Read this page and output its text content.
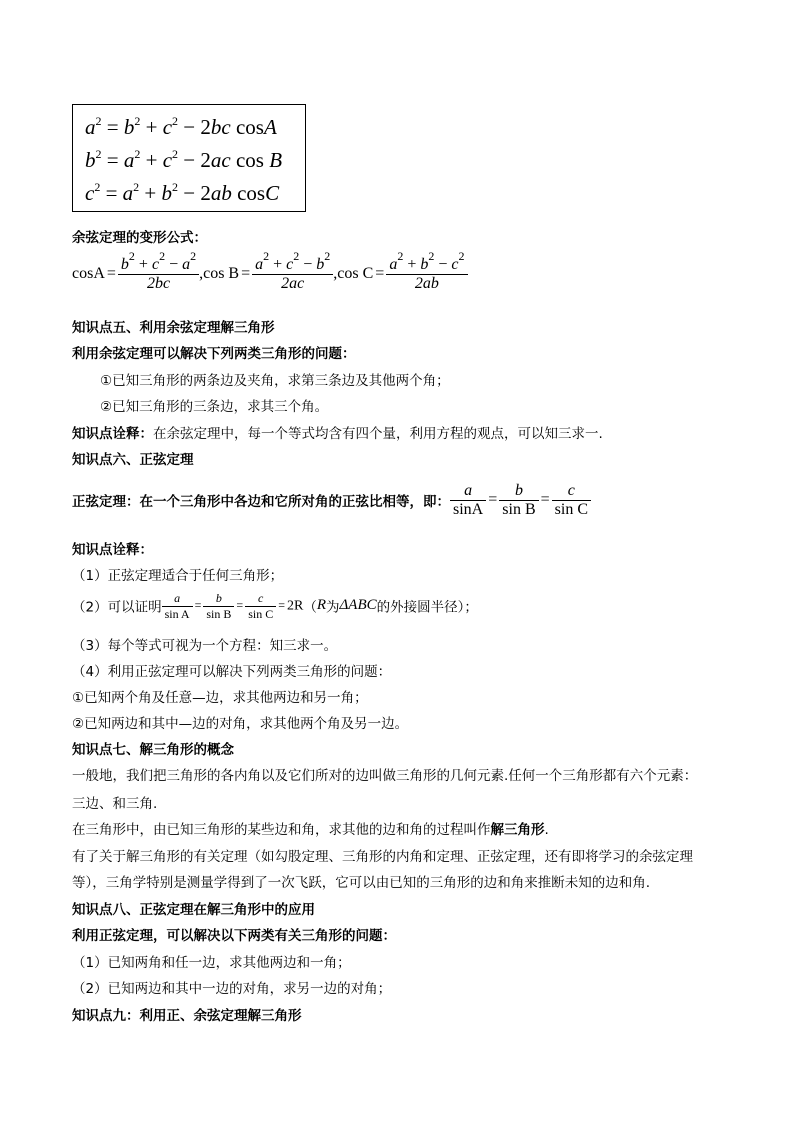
$a^2 = b^2 + c^2 - 2bc$ cosA
$b^2 = a^2 + c^2 - 2ac$ cos B
$c^2 = a^2 + b^2 - 2ab$ cosC
余弦定理的变形公式：
$\cos A = \frac{b^2 + c^2 - a^2}{2bc} ,\cos$ $B = \frac{a^2 + c^2 - b^2}{2ac} ,\cos$ $C = \frac{a^2 + b^2 - c^2}{2ab}$
知识点五、利用余弦定理解三角形
利用余弦定理可以解决下列两类三角形的问题：
①已知三角形的两条边及夹角，求第三条边及其他两个角；
②已知三角形的三条边，求其三个角。
知识点诠释：在余弦定理中，每一个等式均含有四个量，利用方程的观点，可以知三求一.
知识点六、正弦定理
正弦定理：在一个三角形中各边和它所对角的正弦比相等，即： $\frac{a}{\sin A} = \frac{b}{\text{sin B}} = \frac{c}{\text{sin C}}$
知识点诠释：
（1）正弦定理适合于任何三角形；
（2）可以证明 $\frac{a}{\text{sin A}} = \frac{b}{\text{sin B}} = \frac{c}{\text{sin C}} = 2R(R$为ΔABC的外接圆半径）；
（3）每个等式可视为一个方程：知三求一。
（4）利用正弦定理可以解决下列两类三角形的问题：
①已知两个角及任意—边，求其他两边和另一角；
②已知两边和其中—边的对角，求其他两个角及另一边。
知识点七、解三角形的概念
一般地，我们把三角形的各内角以及它们所对的边叫做三角形的几何元素.任何一个三角形都有六个元素：
三边、和三角.
在三角形中，由已知三角形的某些边和角，求其他的边和角的过程叫作解三角形.
有了关于解三角形的有关定理（如勾股定理、三角形的内角和定理、正弦定理，还有即将学习的余弦定理
等），三角学特别是测量学得到了一次飞跃，它可以由已知的三角形的边和角来推断未知的边和角.
知识点八、正弦定理在解三角形中的应用
利用正弦定理，可以解决以下两类有关三角形的问题：
（1）已知两角和任一边，求其他两边和一角；
（2）已知两边和其中一边的对角，求另一边的对角；
知识点九：利用正、余弦定理解三角形
